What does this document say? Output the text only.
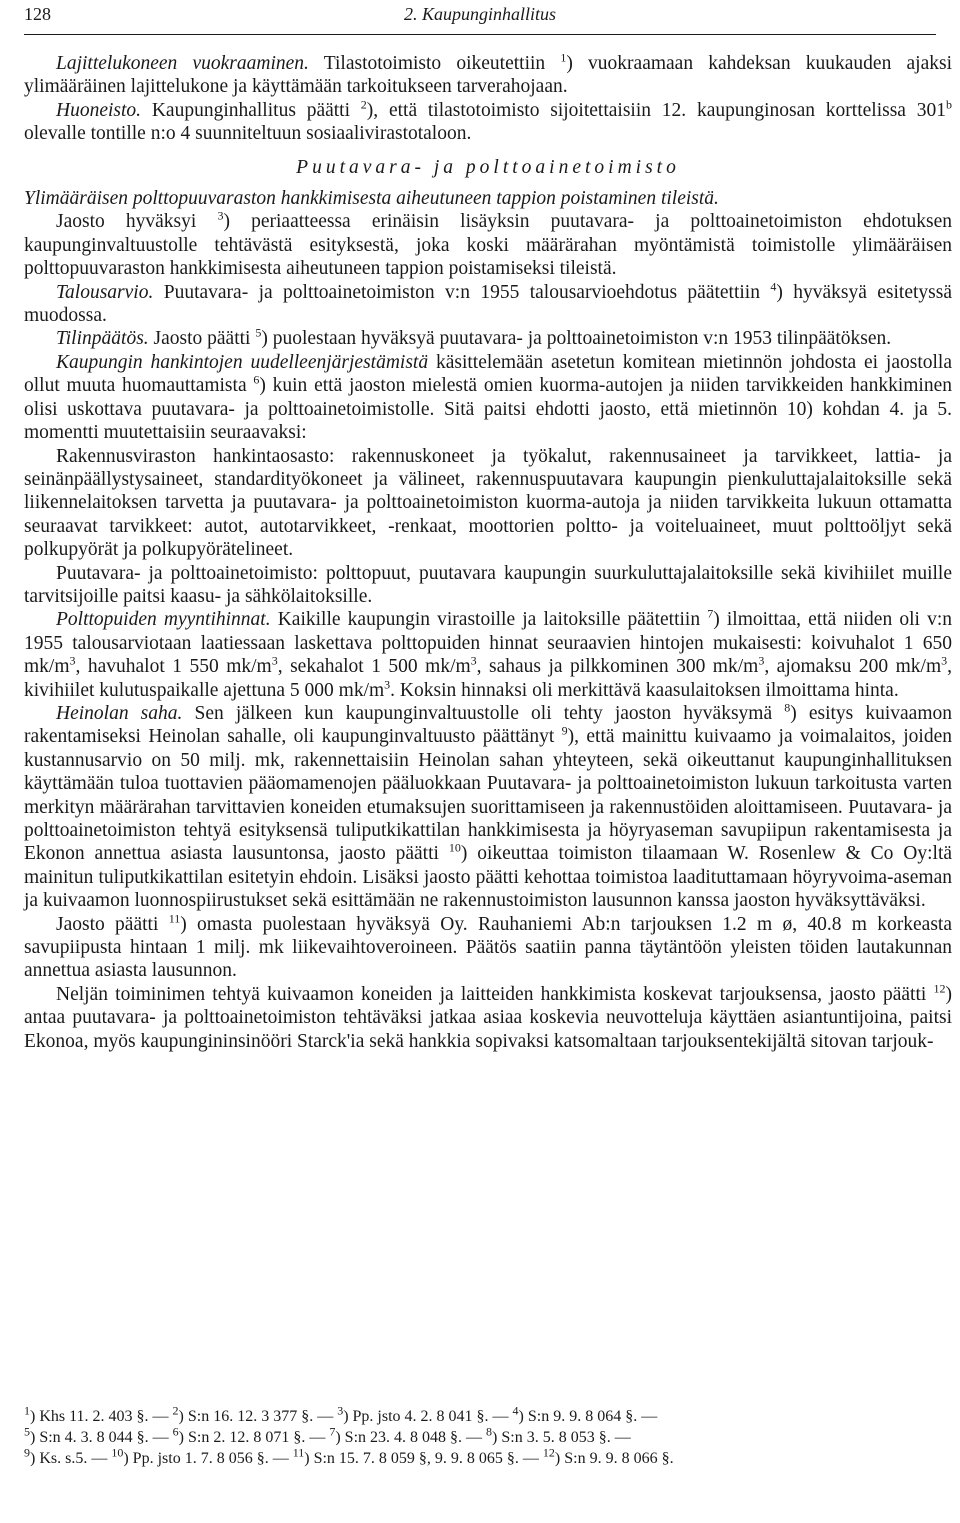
128	2. Kaupunginhallitus

Lajittelukoneen vuokraaminen. Tilastotoimisto oikeutettiin $^1$) vuokraamaan kahdeksan kuukauden ajaksi ylimääräinen lajittelukone ja käyttämään tarkoitukseen tarverahojaan.

Huoneisto. Kaupunginhallitus päätti $^2$), että tilastotoimisto sijoitettaisiin 12. kaupunginosan korttelissa 301$^b$ olevalle tontille n:o 4 suunniteltuun sosiaalivirastotaloon.

Puutavara- ja polttoainetoimisto

Ylimääräisen polttopuuvaraston hankkimisesta aiheutuneen tappion poistaminen tileistä.

Jaosto hyväksyi $^3$) periaatteessa erinäisin lisäyksin puutavara- ja polttoainetoimiston ehdotuksen kaupunginvaltuustolle tehtävästä esityksestä, joka koski määrärahan myöntämistä toimistolle ylimääräisen polttopuuvaraston hankkimisesta aiheutuneen tappion poistamiseksi tileistä.

Talousarvio. Puutavara- ja polttoainetoimiston v:n 1955 talousarvioehdotus päätettiin $^4$) hyväksyä esitetyssä muodossa.

Tilinpäätös. Jaosto päätti $^5$) puolestaan hyväksyä puutavara- ja polttoainetoimiston v:n 1953 tilinpäätöksen.

Kaupungin hankintojen uudelleenjärjestämistä käsittelemään asetetun komitean mietinnön johdosta ei jaostolla ollut muuta huomauttamista $^6$) kuin että jaoston mielestä omien kuorma-autojen ja niiden tarvikkeiden hankkiminen olisi uskottava puutavara- ja polttoainetoimistolle. Sitä paitsi ehdotti jaosto, että mietinnön 10) kohdan 4. ja 5. momentti muutettaisiin seuraavaksi:

Rakennusviraston hankintaosasto: rakennuskoneet ja työkalut, rakennusaineet ja tarvikkeet, lattia- ja seinänpäällystysaineet, standardityökoneet ja välineet, rakennuspuutavara kaupungin pienkuluttajalaitoksille sekä liikennelaitoksen tarvetta ja puutavara- ja polttoainetoimiston kuorma-autoja ja niiden tarvikkeita lukuun ottamatta seuraavat tarvikkeet: autot, autotarvikkeet, -renkaat, moottorien poltto- ja voiteluaineet, muut polttoöljyt sekä polkupyörät ja polkupyörätelineet.

Puutavara- ja polttoainetoimisto: polttopuut, puutavara kaupungin suurkuluttajalaitoksille sekä kivihiilet muille tarvitsijoille paitsi kaasu- ja sähkölaitoksille.

Polttopuiden myyntihinnat. Kaikille kaupungin virastoille ja laitoksille päätettiin $^7$) ilmoittaa, että niiden oli v:n 1955 talousarviotaan laatiessaan laskettava polttopuiden hinnat seuraavien hintojen mukaisesti: koivuhalot 1 650 $mk/m^3$, havuhalot 1 550 $mk/m^3$, sekahalot 1 500 $mk/m^3$, sahaus ja pilkkominen 300 $mk/m^3$, ajomaksu 200 $mk/m^3$, kivihiilet kulutuspaikalle ajettuna 5 000 $mk/m^3$. Koksin hinnaksi oli merkittävä kaasulaitoksen ilmoittama hinta.

Heinolan saha. Sen jälkeen kun kaupunginvaltuustolle oli tehty jaoston hyväksymä $^8$) esitys kuivaamon rakentamiseksi Heinolan sahalle, oli kaupunginvaltuusto päättänyt $^9$), että mainittu kuivaamo ja voimalaitos, joiden kustannusarvio on 50 milj. mk, rakennettaisiin Heinolan sahan yhteyteen, sekä oikeuttanut kaupunginhallituksen käyttämään tuloa tuottavien pääomamenojen pääluokkaan Puutavara- ja polttoainetoimiston lukuun tarkoitusta varten merkityn määrärahan tarvittavien koneiden etumaksujen suorittamiseen ja rakennustöiden aloittamiseen. Puutavara- ja polttoainetoimiston tehtyä esityksensä tuliputkikattilan hankkimisesta ja höyryaseman savupiipun rakentamisesta ja Ekonon annettua asiasta lausuntonsa, jaosto päätti $^{10}$) oikeuttaa toimiston tilaamaan W. Rosenlew & Co Oy:ltä mainitun tuliputkikattilan esitetyin ehdoin. Lisäksi jaosto päätti kehottaa toimistoa laadituttamaan höyryvoima-aseman ja kuivaamon luonnospiirustukset sekä esittämään ne rakennustoimiston lausunnon kanssa jaoston hyväksyttäväksi.

Jaosto päätti $^{11}$) omasta puolestaan hyväksyä Oy. Rauhaniemi Ab:n tarjouksen 1.2 m ø, 40.8 m korkeasta savupiipusta hintaan 1 milj. mk liikevaihtoveroineen. Päätös saatiin panna täytäntöön yleisten töiden lautakunnan annettua asiasta lausunnon.

Neljän toiminimen tehtyä kuivaamon koneiden ja laitteiden hankkimista koskevat tarjouksensa, jaosto päätti $^{12}$) antaa puutavara- ja polttoainetoimiston tehtäväksi jatkaa asiaa koskevia neuvotteluja käyttäen asiantuntijoina, paitsi Ekonoa, myös kaupungininsinööri Starck'ia sekä hankkia sopivaksi katsomaltaan tarjouksentekijältä sitovan tarjouk-

$^1$) Khs 11. 2. 403 §. — $^2$) S:n 16. 12. 3 377 §. — $^3$) Pp. jsto 4. 2. 8 041 §. — $^4$) S:n 9. 9. 8 064 §. —

$^5$) S:n 4. 3. 8 044 §. — $^6$) S:n 2. 12. 8 071 §. — $^7$) S:n 23. 4. 8 048 §. — $^8$) S:n 3. 5. 8 053 §. —

$^9$) Ks. s.5. — $^{10}$) Pp. jsto 1. 7. 8 056 §. — $^{11}$) S:n 15. 7. 8 059 §, 9. 9. 8 065 §. — $^{12}$) S:n 9. 9. 8 066 §.
